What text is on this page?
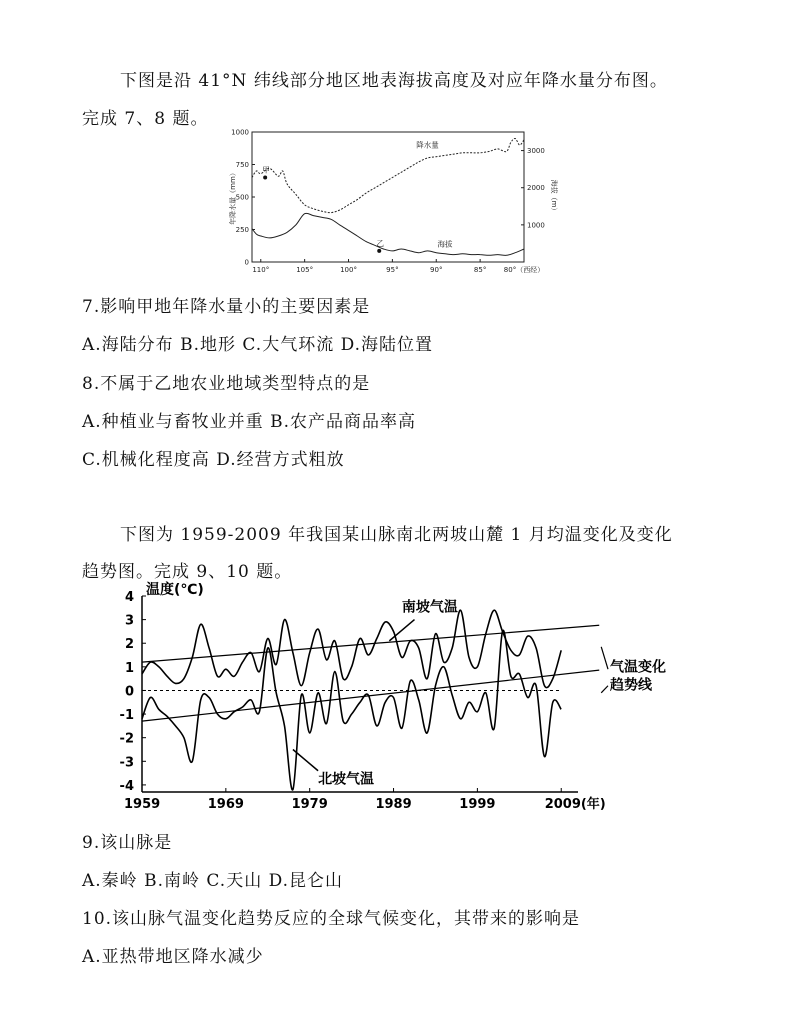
下图是沿 41°N 纬线部分地区地表海拔高度及对应年降水量分布图。
完成 7、8 题。
110°	105°	100°	95°	90°	85° 80°（西经）
0
250
500
750
1000
1000
2000
3000
年降水量（mm）	海拔（m）
降水量
海拔
甲
乙
7.影响甲地年降水量小的主要因素是
A.海陆分布 B.地形 C.大气环流 D.海陆位置
8.不属于乙地农业地域类型特点的是
A.种植业与畜牧业并重 B.农产品商品率高
C.机械化程度高 D.经营方式粗放
下图为 1959-2009 年我国某山脉南北两坡山麓 1 月均温变化及变化
趋势图。完成 9、10 题。
4
3
2
1
0
-1
-2
-3
-4
1959	1969	1979	1989	1999	2009(年)
温度(℃)
南坡气温
北坡气温
气温变化
趋势线
9.该山脉是
A.秦岭 B.南岭 C.天山 D.昆仑山
10.该山脉气温变化趋势反应的全球气候变化，其带来的影响是
A.亚热带地区降水减少
